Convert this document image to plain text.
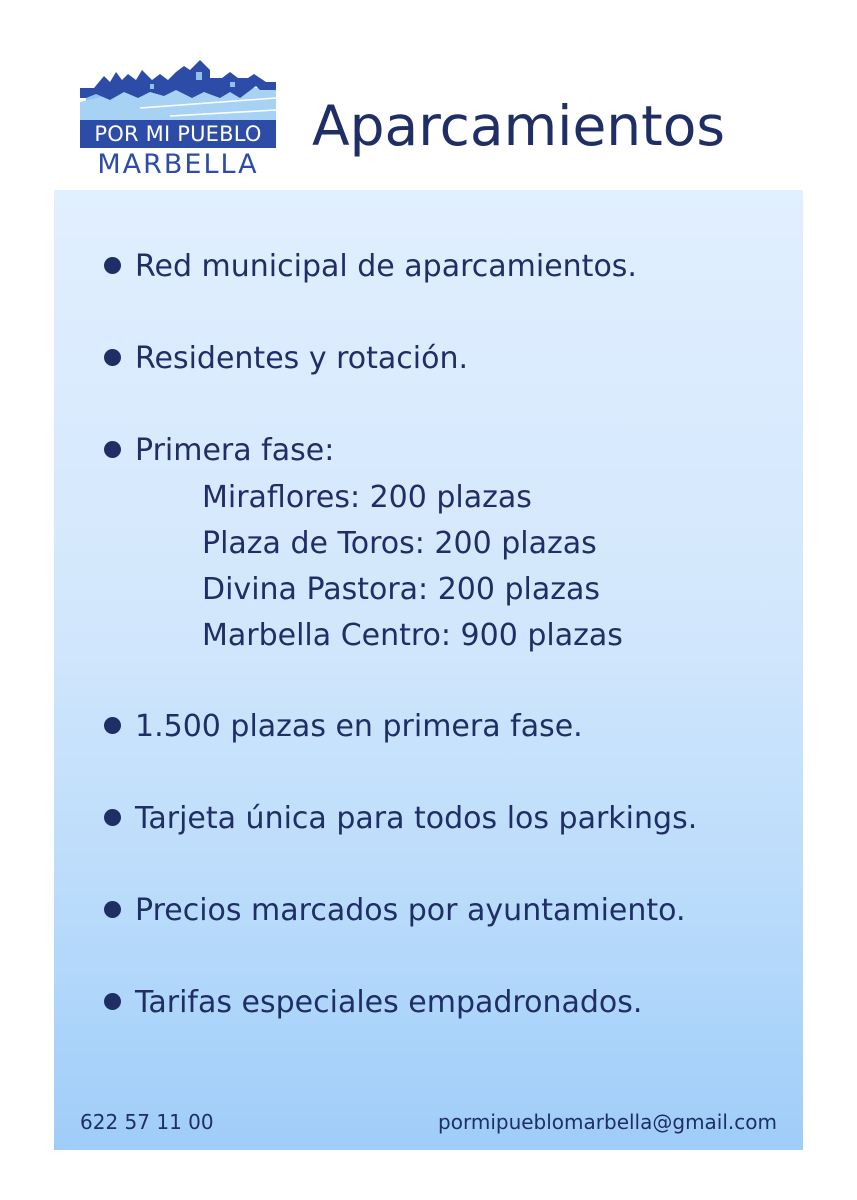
POR MI PUEBLO
MARBELLA
Aparcamientos
Red municipal de aparcamientos.
Residentes y rotación.
Primera fase:
Miraflores: 200 plazas
Plaza de Toros: 200 plazas
Divina Pastora: 200 plazas
Marbella Centro: 900 plazas
1.500 plazas en primera fase.
Tarjeta única para todos los parkings.
Precios marcados por ayuntamiento.
Tarifas especiales empadronados.
622 57 11 00	pormipueblomarbella@gmail.com
